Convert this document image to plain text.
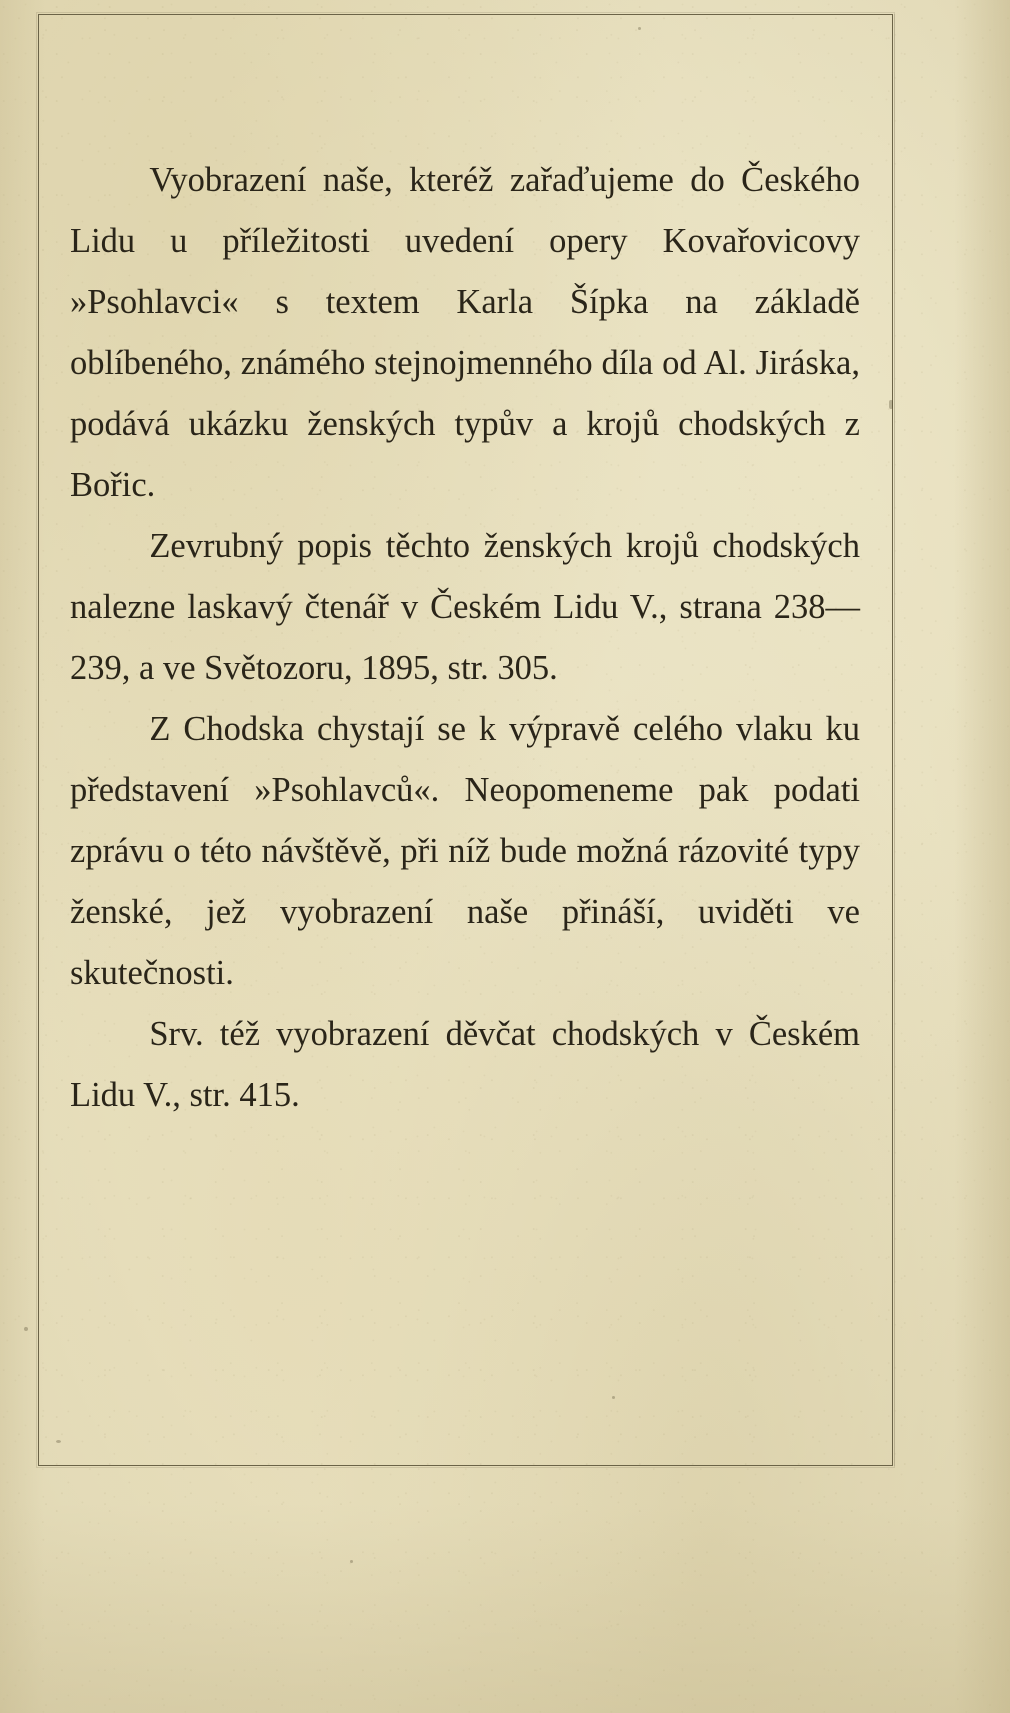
Vyobrazení naše, kteréž zařaďujeme do Českého Lidu u příležitosti uvedení opery Kovařovicovy »Psohlavci« s textem Karla Šípka na základě oblíbeného, známého stejnojmenného díla od Al. Jiráska, podává ukázku ženských typův a krojů chodských z Bořic.

Zevrubný popis těchto ženských krojů chodských nalezne laskavý čtenář v Českém Lidu V., strana 238—239, a ve Světozoru, 1895, str. 305.

Z Chodska chystají se k výpravě celého vlaku ku představení »Psohlavců«. Neopomeneme pak podati zprávu o této návštěvě, při níž bude možná rázovité typy ženské, jež vyobrazení naše přináší, uviděti ve skutečnosti.

Srv. též vyobrazení děvčat chodských v Českém Lidu V., str. 415.
